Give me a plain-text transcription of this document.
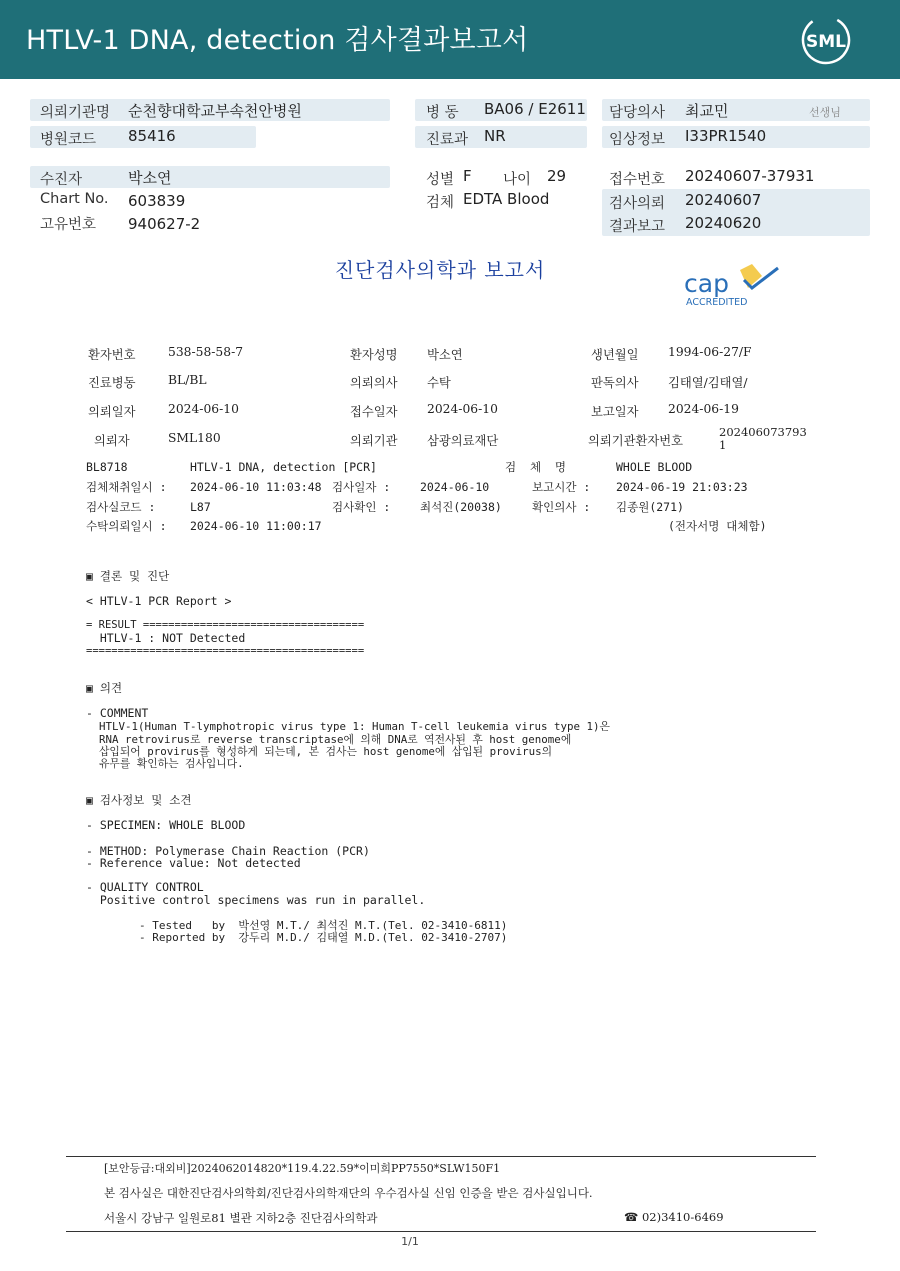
HTLV-1 DNA, detection 검사결과보고서	SML
의뢰기관명 순천향대학교부속천안병원
병원코드 85416
병 동 BA06 / E2611
진료과 NR
담당의사 최교민	선생님
임상정보 I33PR1540
수진자	박소연
Chart No. 603839
고유번호 940627-2
성별 F 나이 29
검체 EDTA Blood
접수번호 20240607-37931
검사의뢰 20240607
결과보고 20240620
진단검사의학과 보고서	cap
ACCREDITED
환자번호	538-58-58-7	환자성명 박소연	생년월일 1994-06-27/F
진료병동	BL/BL	의뢰의사 수탁	판독의사 김태열/김태열/
의뢰일자	2024-06-10	접수일자 2024-06-10	보고일자 2024-06-19
의뢰자	SML180	의뢰기관 삼광의료재단	의뢰기관환자번호
202406073793
1
BL8718	HTLV-1 DNA, detection [PCR]	검  체  명	WHOLE BLOOD
검체채취일시 : 2024-06-10 11:03:48 검사일자 :	2024-06-10	보고시간 : 2024-06-19 21:03:23
검사실코드 :	L87	검사확인 :	최석진(20038)	확인의사 : 김종원(271)
수탁의뢰일시 : 2024-06-10 11:00:17	(전자서명 대체함)
▣ 결론 및 진단
< HTLV-1 PCR Report >
= RESULT ===================================
HTLV-1 : NOT Detected
============================================
▣ 의견
- COMMENT
HTLV-1(Human T-lymphotropic virus type 1: Human T-cell leukemia virus type 1)은
RNA retrovirus로 reverse transcriptase에 의해 DNA로 역전사된 후 host genome에
삽입되어 provirus를 형성하게 되는데, 본 검사는 host genome에 삽입된 provirus의
유무를 확인하는 검사입니다.
▣ 검사정보 및 소견
- SPECIMEN: WHOLE BLOOD
- METHOD: Polymerase Chain Reaction (PCR)
- Reference value: Not detected
- QUALITY CONTROL
Positive control specimens was run in parallel.
- Tested   by  박선영 M.T./ 최석진 M.T.(Tel. 02-3410-6811)
- Reported by  강두리 M.D./ 김태열 M.D.(Tel. 02-3410-2707)
[보안등급:대외비]2024062014820*119.4.22.59*이미희PP7550*SLW150F1
본 검사실은 대한진단검사의학회/진단검사의학재단의 우수검사실 신임 인증을 받은 검사실입니다.
서울시 강남구 일원로81 별관 지하2층 진단검사의학과	☎ 02)3410-6469
1/1
